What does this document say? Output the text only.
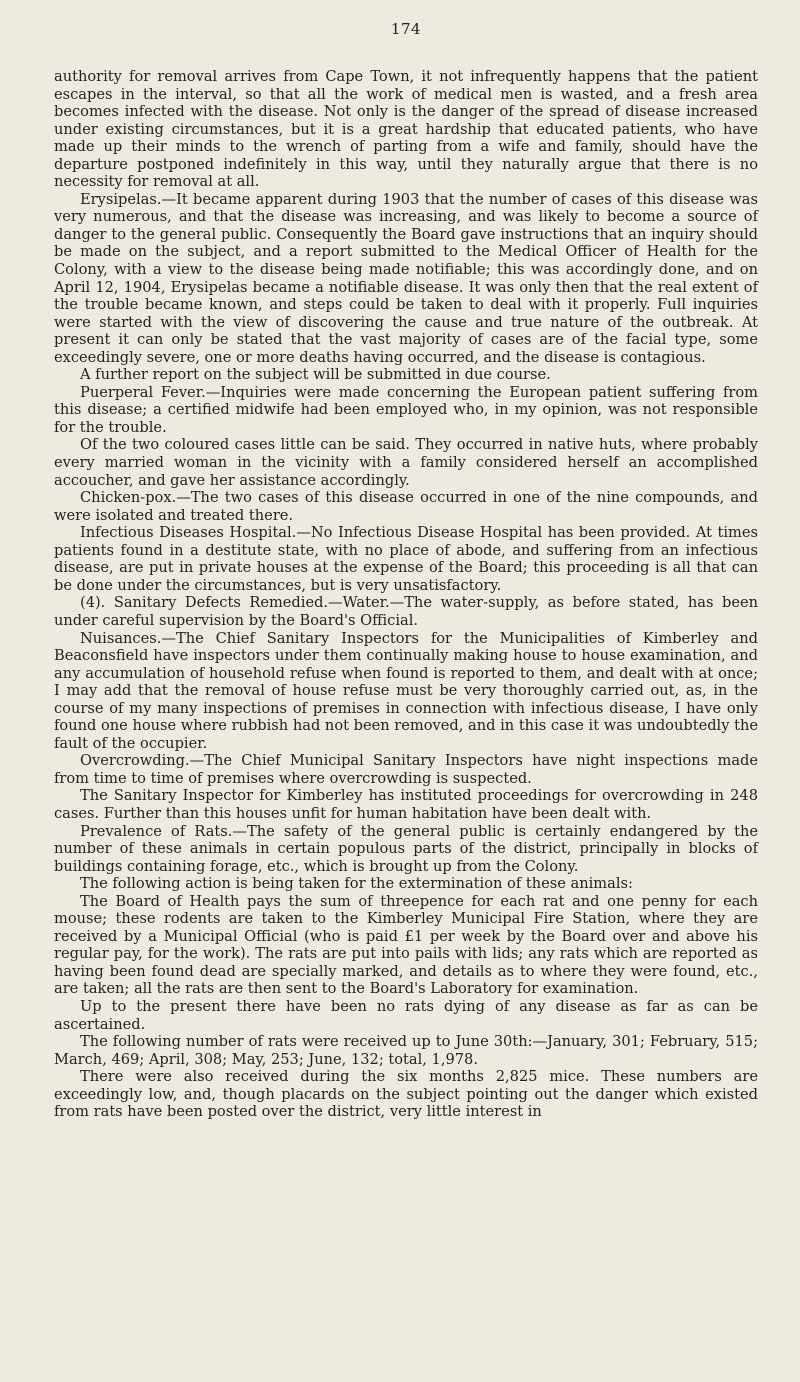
174

authority for removal arrives from Cape Town, it not infrequently happens that the patient escapes in the interval, so that all the work of medical men is wasted, and a fresh area becomes infected with the disease. Not only is the danger of the spread of disease increased under existing circumstances, but it is a great hardship that educated patients, who have made up their minds to the wrench of parting from a wife and family, should have the departure postponed indefinitely in this way, until they naturally argue that there is no necessity for removal at all.

Erysipelas.—It became apparent during 1903 that the number of cases of this disease was very numerous, and that the disease was increasing, and was likely to become a source of danger to the general public. Consequently the Board gave instructions that an inquiry should be made on the subject, and a report submitted to the Medical Officer of Health for the Colony, with a view to the disease being made notifiable; this was accordingly done, and on April 12, 1904, Erysipelas became a notifiable disease. It was only then that the real extent of the trouble became known, and steps could be taken to deal with it properly. Full inquiries were started with the view of discovering the cause and true nature of the outbreak. At present it can only be stated that the vast majority of cases are of the facial type, some exceedingly severe, one or more deaths having occurred, and the disease is contagious.

A further report on the subject will be submitted in due course.

Puerperal Fever.—Inquiries were made concerning the European patient suffering from this disease; a certified midwife had been employed who, in my opinion, was not responsible for the trouble.

Of the two coloured cases little can be said. They occurred in native huts, where probably every married woman in the vicinity with a family considered herself an accomplished accoucher, and gave her assistance accordingly.

Chicken-pox.—The two cases of this disease occurred in one of the nine compounds, and were isolated and treated there.

Infectious Diseases Hospital.—No Infectious Disease Hospital has been provided. At times patients found in a destitute state, with no place of abode, and suffering from an infectious disease, are put in private houses at the expense of the Board; this proceeding is all that can be done under the circumstances, but is very unsatisfactory.

(4). Sanitary Defects Remedied.—Water.—The water-supply, as before stated, has been under careful supervision by the Board's Official.

Nuisances.—The Chief Sanitary Inspectors for the Municipalities of Kimberley and Beaconsfield have inspectors under them continually making house to house examination, and any accumulation of household refuse when found is reported to them, and dealt with at once; I may add that the removal of house refuse must be very thoroughly carried out, as, in the course of my many inspections of premises in connection with infectious disease, I have only found one house where rubbish had not been removed, and in this case it was undoubtedly the fault of the occupier.

Overcrowding.—The Chief Municipal Sanitary Inspectors have night inspections made from time to time of premises where overcrowding is suspected.

The Sanitary Inspector for Kimberley has instituted proceedings for overcrowding in 248 cases. Further than this houses unfit for human habitation have been dealt with.

Prevalence of Rats.—The safety of the general public is certainly endangered by the number of these animals in certain populous parts of the district, principally in blocks of buildings containing forage, etc., which is brought up from the Colony.

The following action is being taken for the extermination of these animals:

The Board of Health pays the sum of threepence for each rat and one penny for each mouse; these rodents are taken to the Kimberley Municipal Fire Station, where they are received by a Municipal Official (who is paid £1 per week by the Board over and above his regular pay, for the work). The rats are put into pails with lids; any rats which are reported as having been found dead are specially marked, and details as to where they were found, etc., are taken; all the rats are then sent to the Board's Laboratory for examination.

Up to the present there have been no rats dying of any disease as far as can be ascertained.

The following number of rats were received up to June 30th:—January, 301; February, 515; March, 469; April, 308; May, 253; June, 132; total, 1,978.

There were also received during the six months 2,825 mice. These numbers are exceedingly low, and, though placards on the subject pointing out the danger which existed from rats have been posted over the district, very little interest in
